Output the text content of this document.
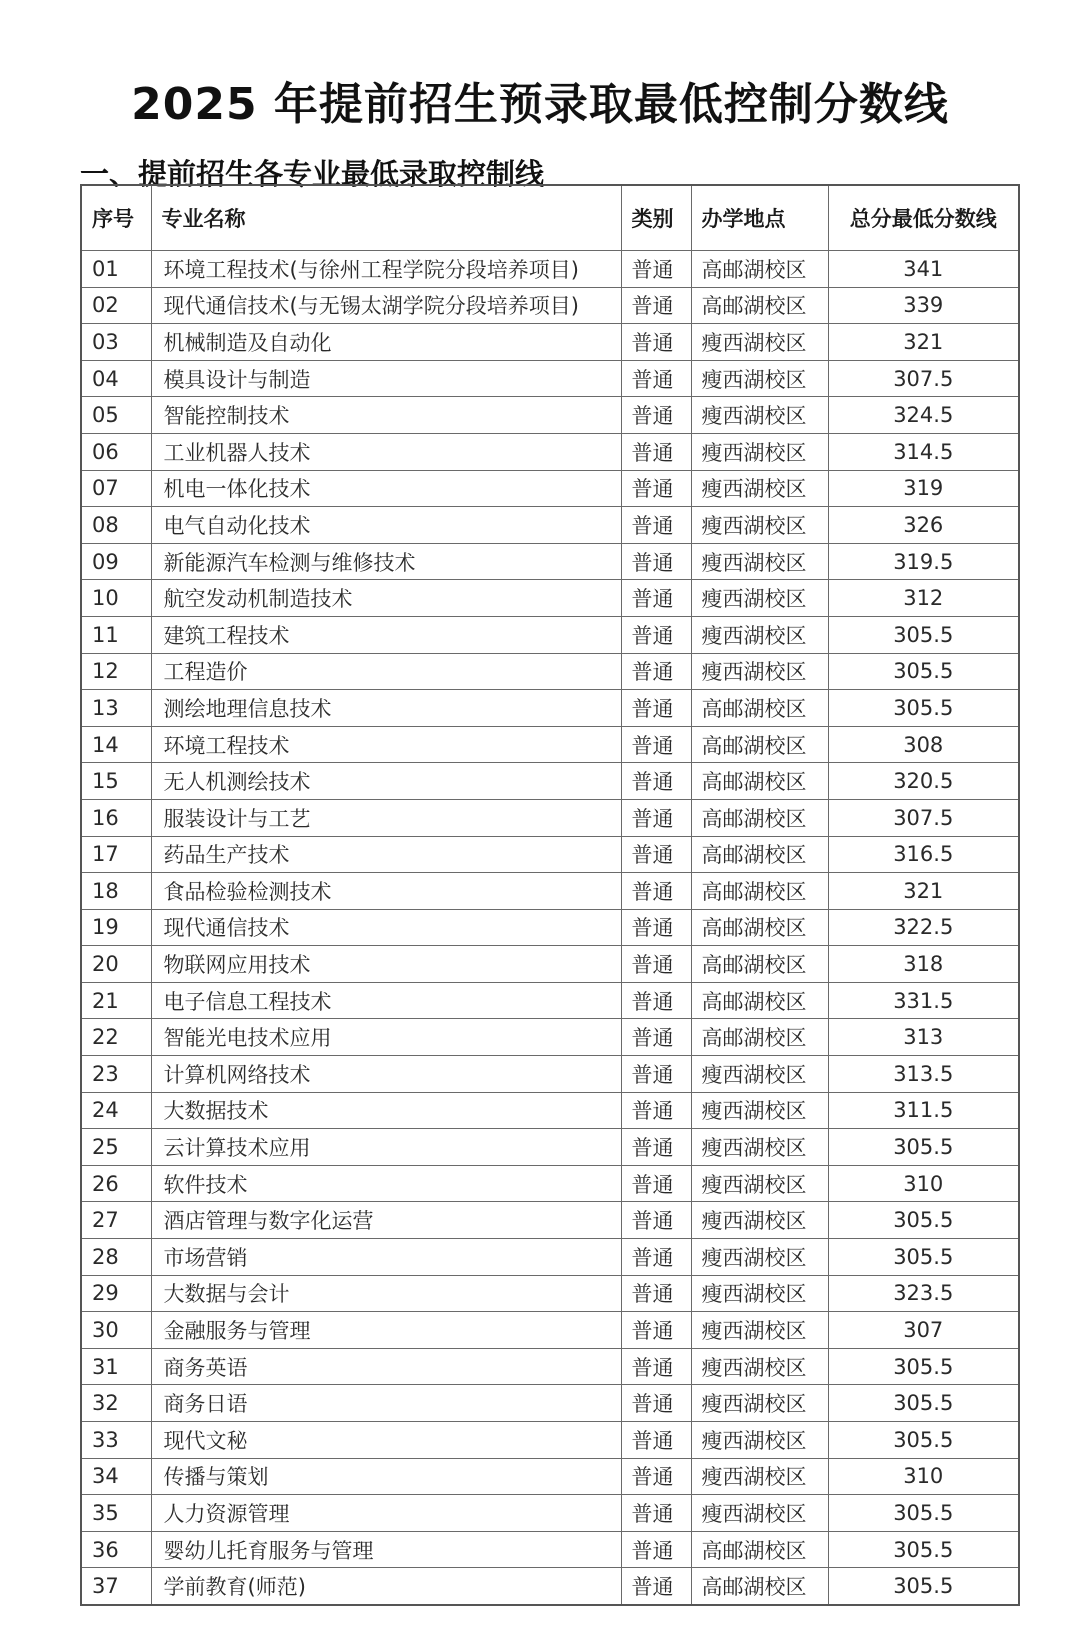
2025 年提前招生预录取最低控制分数线
一、提前招生各专业最低录取控制线
序号	专业名称	类别	办学地点	总分最低分数线
01	环境工程技术(与徐州工程学院分段培养项目)	普通	高邮湖校区	341
02	现代通信技术(与无锡太湖学院分段培养项目)	普通	高邮湖校区	339
03	机械制造及自动化	普通	瘦西湖校区	321
04	模具设计与制造	普通	瘦西湖校区	307.5
05	智能控制技术	普通	瘦西湖校区	324.5
06	工业机器人技术	普通	瘦西湖校区	314.5
07	机电一体化技术	普通	瘦西湖校区	319
08	电气自动化技术	普通	瘦西湖校区	326
09	新能源汽车检测与维修技术	普通	瘦西湖校区	319.5
10	航空发动机制造技术	普通	瘦西湖校区	312
11	建筑工程技术	普通	瘦西湖校区	305.5
12	工程造价	普通	瘦西湖校区	305.5
13	测绘地理信息技术	普通	高邮湖校区	305.5
14	环境工程技术	普通	高邮湖校区	308
15	无人机测绘技术	普通	高邮湖校区	320.5
16	服装设计与工艺	普通	高邮湖校区	307.5
17	药品生产技术	普通	高邮湖校区	316.5
18	食品检验检测技术	普通	高邮湖校区	321
19	现代通信技术	普通	高邮湖校区	322.5
20	物联网应用技术	普通	高邮湖校区	318
21	电子信息工程技术	普通	高邮湖校区	331.5
22	智能光电技术应用	普通	高邮湖校区	313
23	计算机网络技术	普通	瘦西湖校区	313.5
24	大数据技术	普通	瘦西湖校区	311.5
25	云计算技术应用	普通	瘦西湖校区	305.5
26	软件技术	普通	瘦西湖校区	310
27	酒店管理与数字化运营	普通	瘦西湖校区	305.5
28	市场营销	普通	瘦西湖校区	305.5
29	大数据与会计	普通	瘦西湖校区	323.5
30	金融服务与管理	普通	瘦西湖校区	307
31	商务英语	普通	瘦西湖校区	305.5
32	商务日语	普通	瘦西湖校区	305.5
33	现代文秘	普通	瘦西湖校区	305.5
34	传播与策划	普通	瘦西湖校区	310
35	人力资源管理	普通	瘦西湖校区	305.5
36	婴幼儿托育服务与管理	普通	高邮湖校区	305.5
37	学前教育(师范)	普通	高邮湖校区	305.5
